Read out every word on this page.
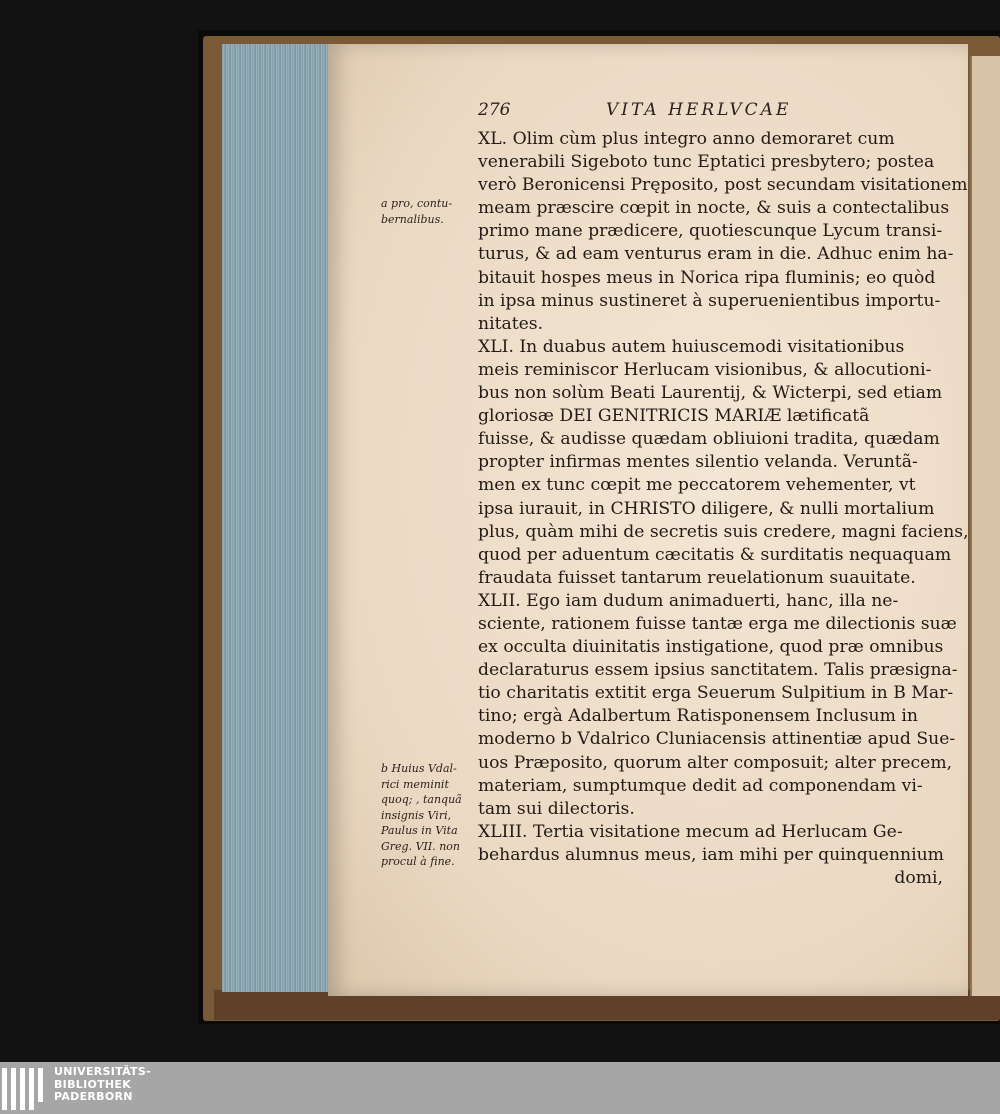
276	VITA HERLVCAE
a pro, contu-
bernalibus.
b Huius Vdal-
rici meminit
quoq; , tanquã
insignis Viri,
Paulus in Vita
Greg. VII. non
procul à fine.
XL. Olim cùm plus integro anno demoraret cum
venerabili Sigeboto tunc Eptatici presbytero; postea
verò Beronicensi Pręposito, post secundam visitationem
meam præscire cœpit in nocte, & suis a contectalibus
primo mane prædicere, quotiescunque Lycum transi-
turus, & ad eam venturus eram in die. Adhuc enim ha-
bitauit hospes meus in Norica ripa fluminis; eo quòd
in ipsa minus sustineret à superuenientibus importu-
nitates.
XLI. In duabus autem huiuscemodi visitationibus
meis reminiscor Herlucam visionibus, & allocutioni-
bus non solùm Beati Laurentij, & Wicterpi, sed etiam
gloriosæ DEI GENITRICIS MARIÆ lætificatã
fuisse, & audisse quædam obliuioni tradita, quædam
propter infirmas mentes silentio velanda. Veruntã-
men ex tunc cœpit me peccatorem vehementer, vt
ipsa iurauit, in CHRISTO diligere, & nulli mortalium
plus, quàm mihi de secretis suis credere, magni faciens,
quod per aduentum cæcitatis & surditatis nequaquam
fraudata fuisset tantarum reuelationum suauitate.
XLII. Ego iam dudum animaduerti, hanc, illa ne-
sciente, rationem fuisse tantæ erga me dilectionis suæ
ex occulta diuinitatis instigatione, quod præ omnibus
declaraturus essem ipsius sanctitatem. Talis præsigna-
tio charitatis extitit erga Seuerum Sulpitium in B Mar-
tino; ergà Adalbertum Ratisponensem Inclusum in
moderno b Vdalrico Cluniacensis attinentiæ apud Sue-
uos Præposito, quorum alter composuit; alter precem,
materiam, sumptumque dedit ad componendam vi-
tam sui dilectoris.
XLIII. Tertia visitatione mecum ad Herlucam Ge-
behardus alumnus meus, iam mihi per quinquennium
domi,
UNIVERSITÄTS-
BIBLIOTHEK
PADERBORN
